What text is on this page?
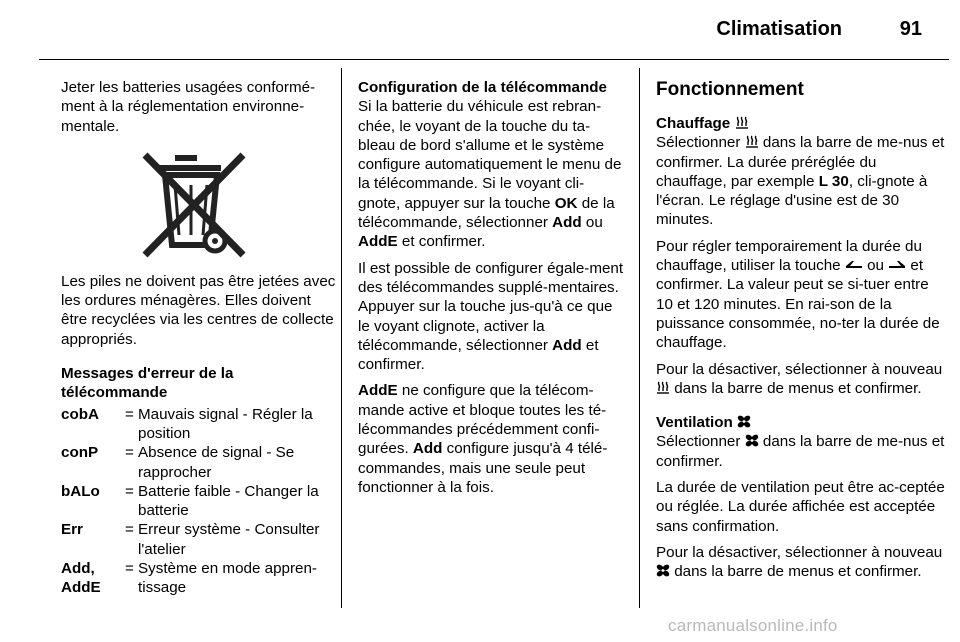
Climatisation	91

Jeter les batteries usagées conformé-ment à la réglementation environne-mentale.

Les piles ne doivent pas être jetées avec les ordures ménagères. Elles doivent être recyclées via les centres de collecte appropriés.

Messages d'erreur de la télécommande

cobA	= Mauvais signal - Régler la position
conP	= Absence de signal - Se rapprocher
bALo	= Batterie faible - Changer la batterie
Err	= Erreur système - Consulter l'atelier
Add, AddE
= Système en mode appren-tissage

Configuration de la télécommande

Si la batterie du véhicule est rebran-chée, le voyant de la touche du ta-bleau de bord s'allume et le système configure automatiquement le menu de la télécommande. Si le voyant cli-gnote, appuyer sur la touche OK de la télécommande, sélectionner Add ou AddE et confirmer.

Il est possible de configurer égale-ment des télécommandes supplé-mentaires. Appuyer sur la touche jus-qu'à ce que le voyant clignote, activer la télécommande, sélectionner Add et confirmer.

AddE ne configure que la télécom-mande active et bloque toutes les té-lécommandes précédemment confi-gurées. Add configure jusqu'à 4 télé-commandes, mais une seule peut fonctionner à la fois.

Fonctionnement

Chauffage

Sélectionner  dans la barre de me-nus et confirmer. La durée préréglée du chauffage, par exemple L 30, cli-gnote à l'écran. Le réglage d'usine est de 30 minutes.

Pour régler temporairement la durée du chauffage, utiliser la touche  ou  et confirmer. La valeur peut se si-tuer entre 10 et 120 minutes. En rai-son de la puissance consommée, no-ter la durée de chauffage.

Pour la désactiver, sélectionner à nouveau  dans la barre de menus et confirmer.

Ventilation

Sélectionner  dans la barre de me-nus et confirmer.

La durée de ventilation peut être ac-ceptée ou réglée. La durée affichée est acceptée sans confirmation.

Pour la désactiver, sélectionner à nouveau  dans la barre de menus et confirmer.

carmanualsonline.info
